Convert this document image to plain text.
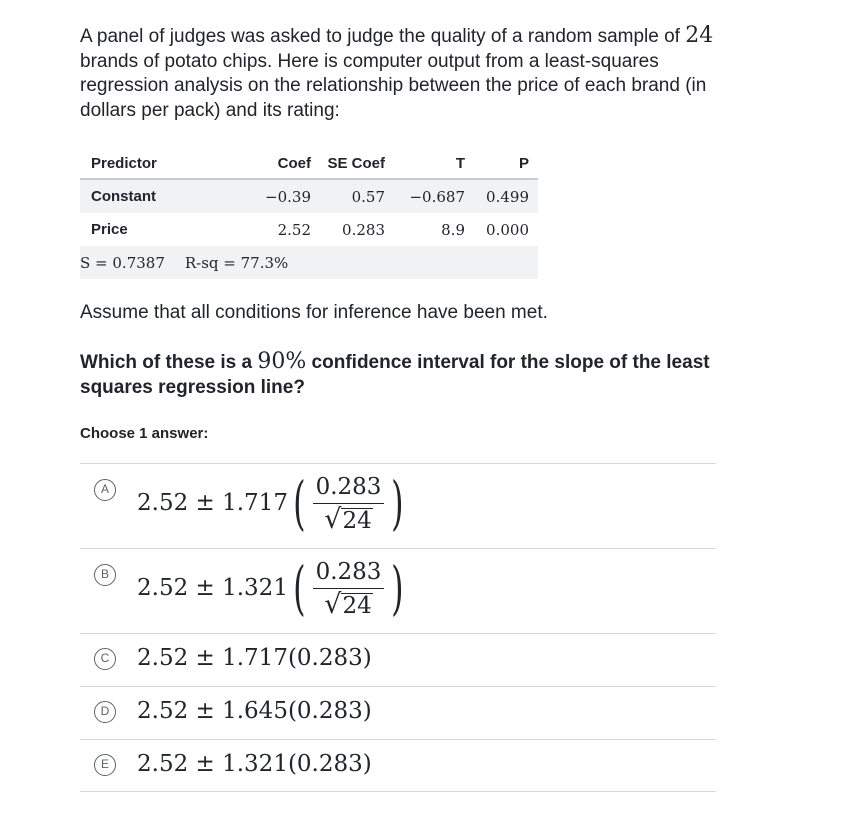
A panel of judges was asked to judge the quality of a random sample of 24 brands of potato chips. Here is computer output from a least-squares regression analysis on the relationship between the price of each brand (in dollars per pack) and its rating:

Predictor	Coef	SE Coef	T	P
Constant	−0.39	0.57	−0.687	0.499
Price	2.52	0.283	8.9	0.000
S = 0.7387 R-sq = 77.3%				

Assume that all conditions for inference have been met.

Which of these is a 90% confidence interval for the slope of the least squares regression line?

Choose 1 answer:

A
2.52 ± 1.717 ( $\frac{0.283}{√ 24}$ )
B
2.52 ± 1.321 ( $\frac{0.283}{√ 24}$ )
C 2.52 ± 1.717(0.283)
D 2.52 ± 1.645(0.283)
E	2.52 ± 1.321(0.283)
